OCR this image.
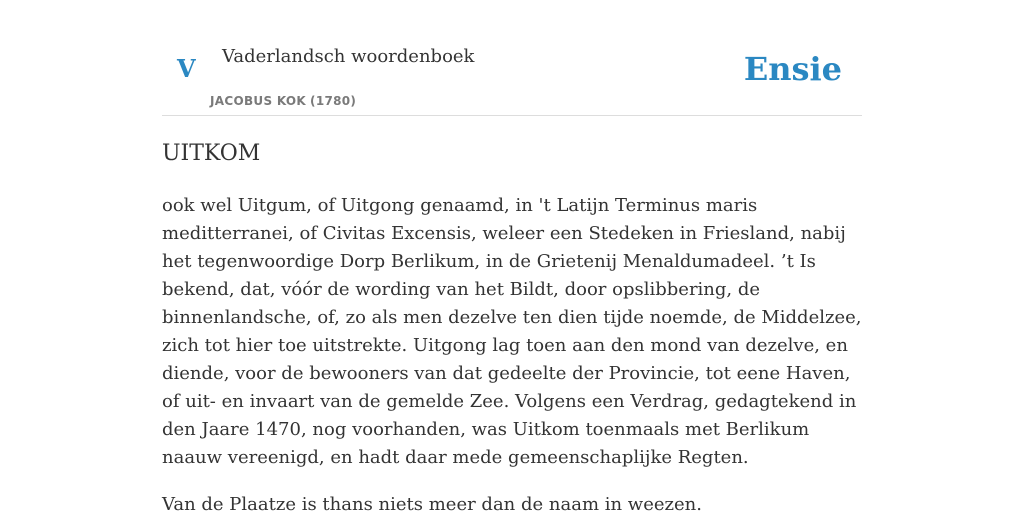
V Vaderlandsch woordenboek
JACOBUS KOK (1780)
Ensie
UITKOM

ook wel Uitgum, of Uitgong genaamd, in 't Latijn Terminus maris meditterranei, of Civitas Excensis, weleer een Stedeken in Friesland, nabij het tegenwoordige Dorp Berlikum, in de Grietenij Menaldumadeel. ’t Is bekend, dat, vóór de wording van het Bildt, door opslibbering, de binnenlandsche, of, zo als men dezelve ten dien tijde noemde, de Middelzee, zich tot hier toe uitstrekte. Uitgong lag toen aan den mond van dezelve, en diende, voor de bewooners van dat gedeelte der Provincie, tot eene Haven, of uit- en invaart van de gemelde Zee. Volgens een Verdrag, gedagtekend in den Jaare 1470, nog voorhanden, was Uitkom toenmaals met Berlikum naauw vereenigd, en hadt daar mede gemeenschaplijke Regten.

Van de Plaatze is thans niets meer dan de naam in weezen.
